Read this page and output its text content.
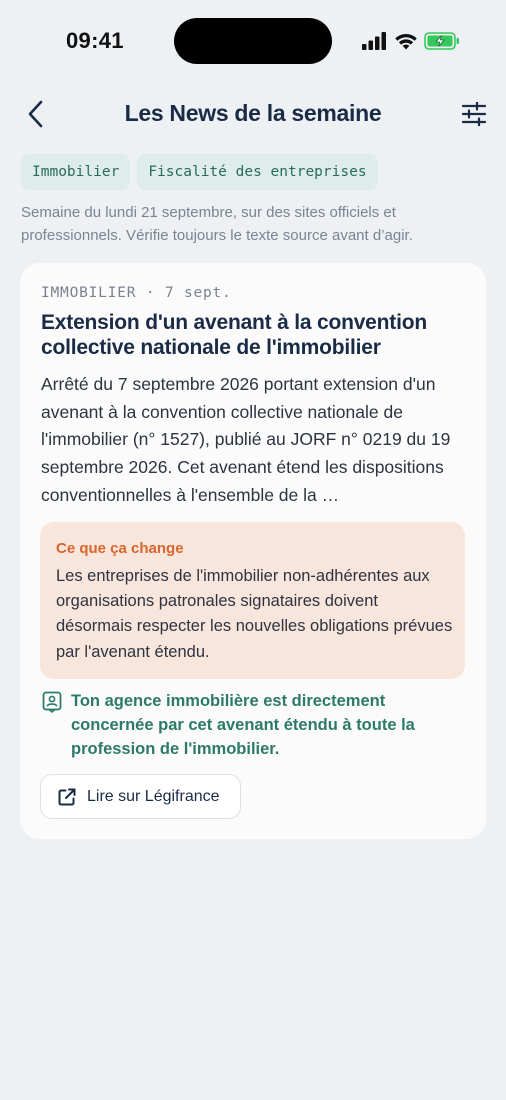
09:41
Les News de la semaine
Immobilier	Fiscalité des entreprises
Semaine du lundi 21 septembre, sur des sites officiels et professionnels. Vérifie toujours le texte source avant d’agir.
IMMOBILIER · 7 sept.
Extension d'un avenant à la convention collective nationale de l'immobilier
Arrêté du 7 septembre 2026 portant extension d'un avenant à la convention collective nationale de l'immobilier (n° 1527), publié au JORF n° 0219 du 19 septembre 2026. Cet avenant étend les dispositions conventionnelles à l'ensemble de la …
Ce que ça change
Les entreprises de l'immobilier non-adhérentes aux organisations patronales signataires doivent désormais respecter les nouvelles obligations prévues par l'avenant étendu.
Ton agence immobilière est directement concernée par cet avenant étendu à toute la profession de l'immobilier.
Lire sur Légifrance
